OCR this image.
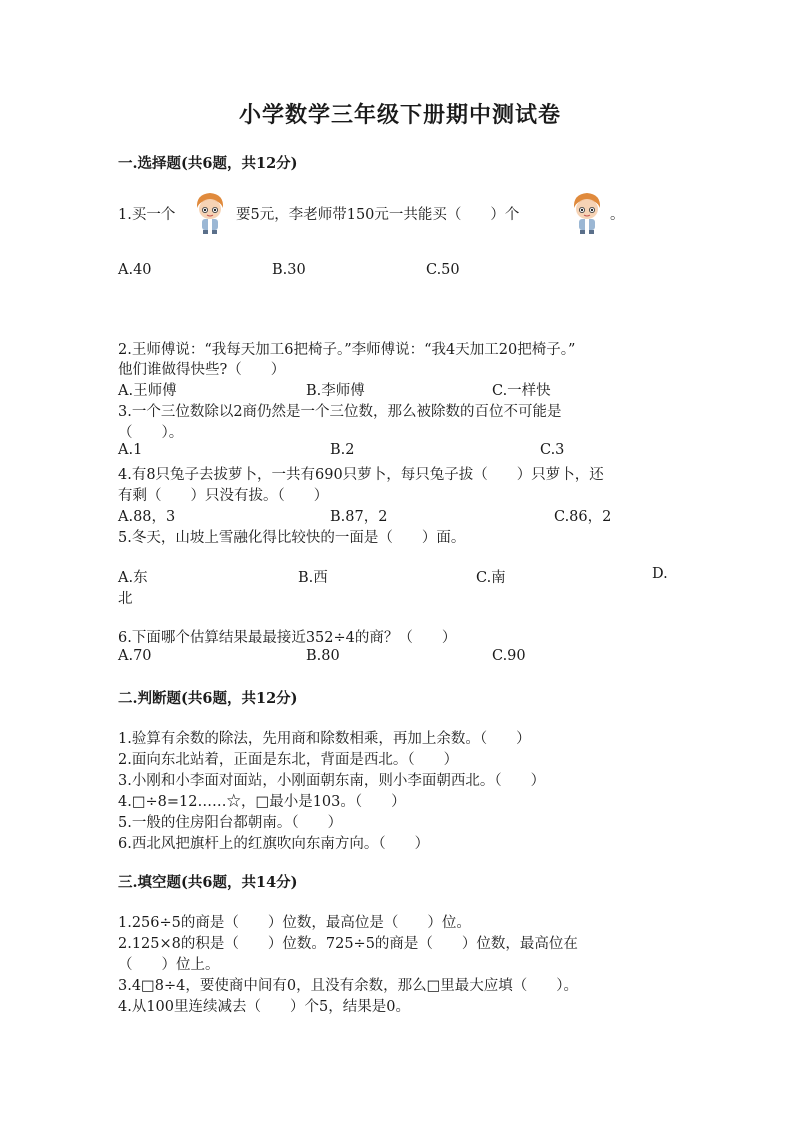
小学数学三年级下册期中测试卷
一.选择题(共6题，共12分)
1.买一个	要5元，李老师带150元一共能买（　　）个	。
A.40	B.30	C.50
2.王师傅说：“我每天加工6把椅子。”李师傅说：“我4天加工20把椅子。”
他们谁做得快些?（　　）
A.王师傅	B.李师傅	C.一样快
3.一个三位数除以2商仍然是一个三位数，那么被除数的百位不可能是
（　　）。
A.1	B.2	C.3
4.有8只兔子去拔萝卜，一共有690只萝卜，每只兔子拔（　　）只萝卜，还
有剩（　　）只没有拔。（　　）
A.88，3	B.87，2	C.86，2
5.冬天，山坡上雪融化得比较快的一面是（　　）面。
A.东	B.西	C.南	D.
北
6.下面哪个估算结果最最接近352÷4的商？（　　）
A.70	B.80	C.90
二.判断题(共6题，共12分)
1.验算有余数的除法，先用商和除数相乘，再加上余数。（　　）
2.面向东北站着，正面是东北，背面是西北。（　　）
3.小刚和小李面对面站，小刚面朝东南，则小李面朝西北。（　　）
4.□÷8=12……☆，□最小是103。（　　）
5.一般的住房阳台都朝南。（　　）
6.西北风把旗杆上的红旗吹向东南方向。（　　）
三.填空题(共6题，共14分)
1.256÷5的商是（　　）位数，最高位是（　　）位。
2.125×8的积是（　　）位数。725÷5的商是（　　）位数，最高位在
（　　）位上。
3.4□8÷4，要使商中间有0，且没有余数，那么□里最大应填（　　）。
4.从100里连续减去（　　）个5，结果是0。
